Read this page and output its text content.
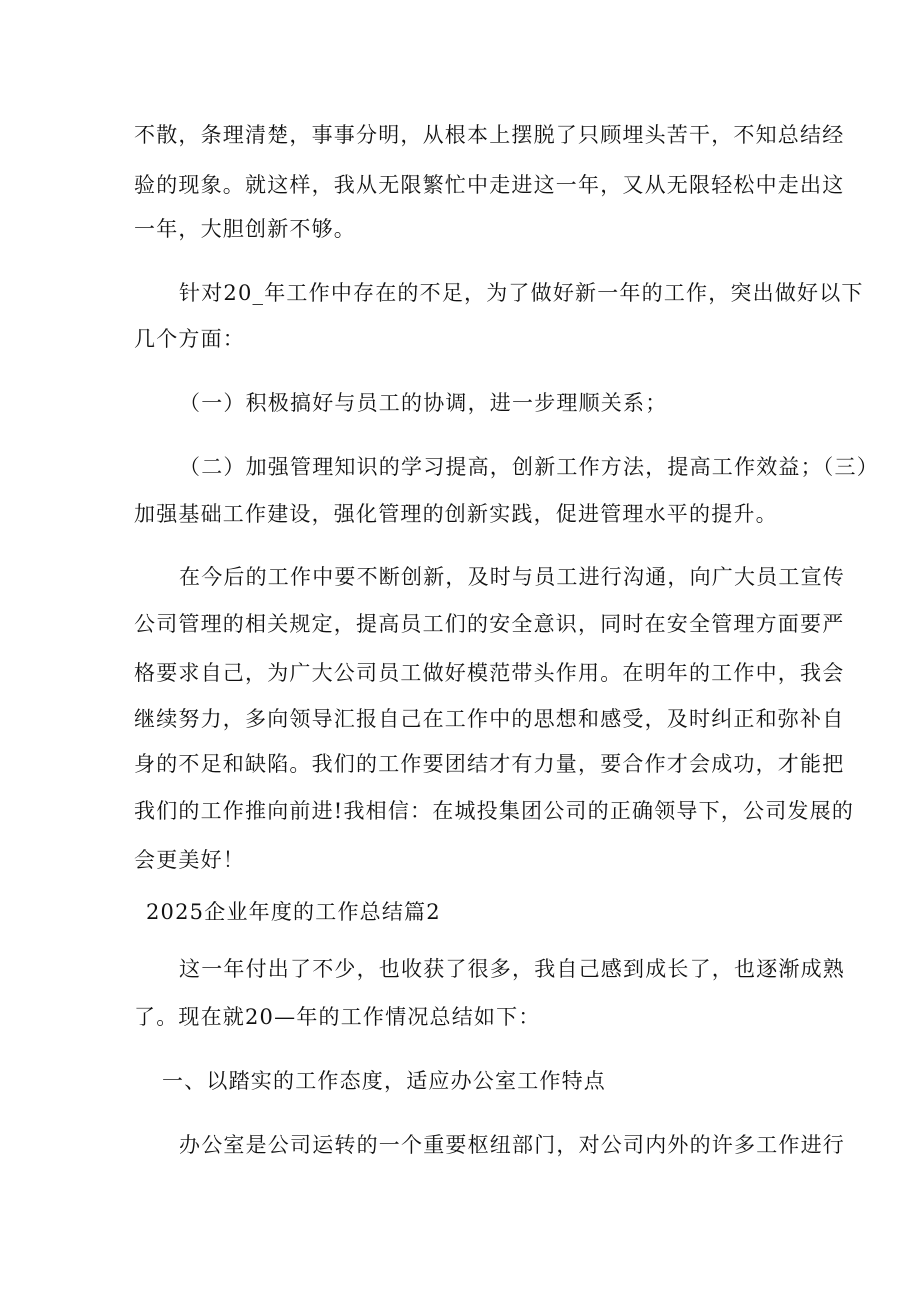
不散，条理清楚，事事分明，从根本上摆脱了只顾埋头苦干，不知总结经
验的现象。就这样，我从无限繁忙中走进这一年，又从无限轻松中走出这
一年，大胆创新不够。
针对20_年工作中存在的不足，为了做好新一年的工作，突出做好以下
几个方面：
（一）积极搞好与员工的协调，进一步理顺关系；
（二）加强管理知识的学习提高，创新工作方法，提高工作效益；（三）
加强基础工作建设，强化管理的创新实践，促进管理水平的提升。
在今后的工作中要不断创新，及时与员工进行沟通，向广大员工宣传
公司管理的相关规定，提高员工们的安全意识，同时在安全管理方面要严
格要求自己，为广大公司员工做好模范带头作用。在明年的工作中，我会
继续努力，多向领导汇报自己在工作中的思想和感受，及时纠正和弥补自
身的不足和缺陷。我们的工作要团结才有力量，要合作才会成功，才能把
我们的工作推向前进!我相信：在城投集团公司的正确领导下，公司发展的
会更美好！
2025企业年度的工作总结篇2
这一年付出了不少，也收获了很多，我自己感到成长了，也逐渐成熟
了。现在就20—年的工作情况总结如下：
一、以踏实的工作态度，适应办公室工作特点
办公室是公司运转的一个重要枢纽部门，对公司内外的许多工作进行
